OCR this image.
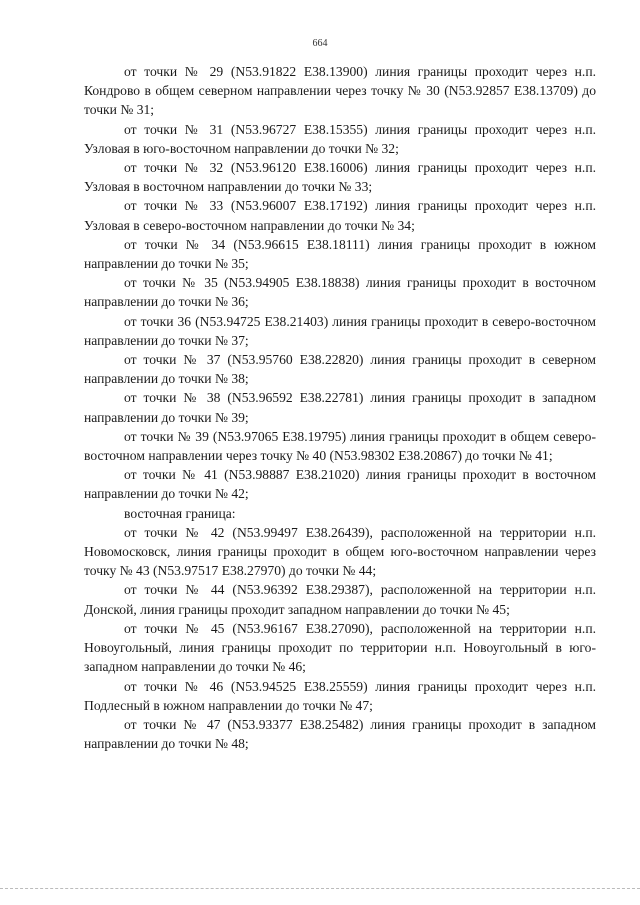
664

от точки № 29 (N53.91822 E38.13900) линия границы проходит через н.п. Кондрово в общем северном направлении через точку № 30 (N53.92857 E38.13709) до точки № 31;

от точки № 31 (N53.96727 E38.15355) линия границы проходит через н.п. Узловая в юго-восточном направлении до точки № 32;

от точки № 32 (N53.96120 E38.16006) линия границы проходит через н.п. Узловая в восточном направлении до точки № 33;

от точки № 33 (N53.96007 E38.17192) линия границы проходит через н.п. Узловая в северо-восточном направлении до точки № 34;

от точки № 34 (N53.96615 E38.18111) линия границы проходит в южном направлении до точки № 35;

от точки № 35 (N53.94905 E38.18838) линия границы проходит в восточном направлении до точки № 36;

от точки 36 (N53.94725 E38.21403) линия границы проходит в северо-восточном направлении до точки № 37;

от точки № 37 (N53.95760 E38.22820) линия границы проходит в северном направлении до точки № 38;

от точки № 38 (N53.96592 E38.22781) линия границы проходит в западном направлении до точки № 39;

от точки № 39 (N53.97065 E38.19795) линия границы проходит в общем северо-восточном направлении через точку № 40 (N53.98302 E38.20867) до точки № 41;

от точки № 41 (N53.98887 E38.21020) линия границы проходит в восточном направлении до точки № 42;

восточная граница:

от точки № 42 (N53.99497 E38.26439), расположенной на территории н.п. Новомосковск, линия границы проходит в общем юго-восточном направлении через точку № 43 (N53.97517 E38.27970) до точки № 44;

от точки № 44 (N53.96392 E38.29387), расположенной на территории н.п. Донской, линия границы проходит западном направлении до точки № 45;

от точки № 45 (N53.96167 E38.27090), расположенной на территории н.п. Новоугольный, линия границы проходит по территории н.п. Новоугольный в юго-западном направлении до точки № 46;

от точки № 46 (N53.94525 E38.25559) линия границы проходит через н.п. Подлесный в южном направлении до точки № 47;

от точки № 47 (N53.93377 E38.25482) линия границы проходит в западном направлении до точки № 48;
